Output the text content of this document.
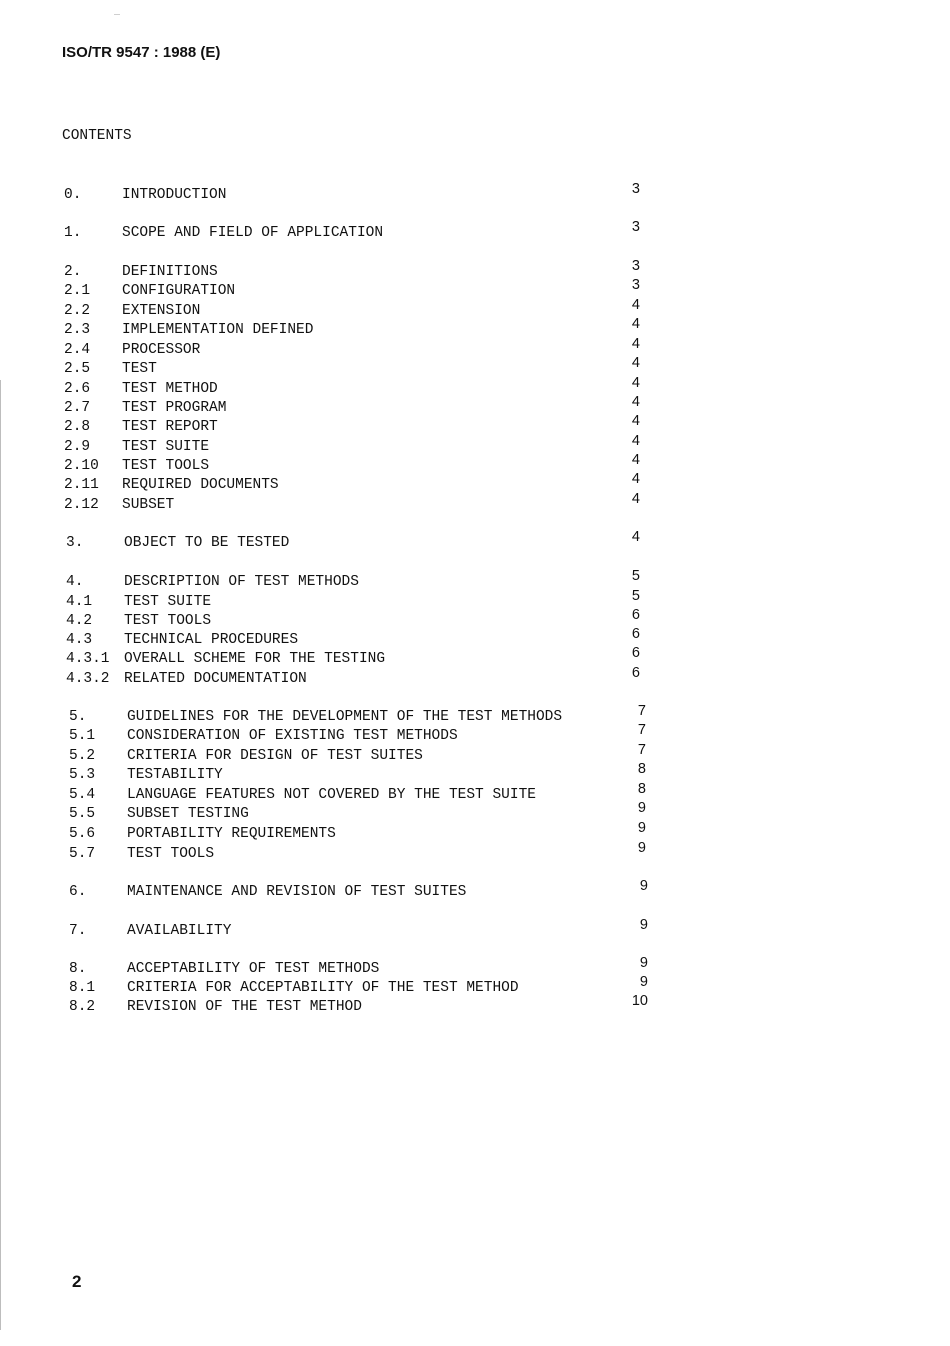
ISO/TR 9547 : 1988 (E)
CONTENTS
0.	INTRODUCTION	3
1.	SCOPE AND FIELD OF APPLICATION	3
2.	DEFINITIONS	3
2.1 CONFIGURATION	3
2.2 EXTENSION	4
2.3 IMPLEMENTATION DEFINED	4
2.4 PROCESSOR	4
2.5 TEST	4
2.6 TEST METHOD	4
2.7 TEST PROGRAM	4
2.8 TEST REPORT	4
2.9 TEST SUITE	4
2.10 TEST TOOLS	4
2.11 REQUIRED DOCUMENTS	4
2.12 SUBSET	4
3.	OBJECT TO BE TESTED	4
4.	DESCRIPTION OF TEST METHODS	5
4.1 TEST SUITE	5
4.2 TEST TOOLS	6
4.3 TECHNICAL PROCEDURES	6
4.3.1 OVERALL SCHEME FOR THE TESTING	6
4.3.2 RELATED DOCUMENTATION	6
5.	GUIDELINES FOR THE DEVELOPMENT OF THE TEST METHODS	7
5.1 CONSIDERATION OF EXISTING TEST METHODS	7
5.2 CRITERIA FOR DESIGN OF TEST SUITES	7
5.3 TESTABILITY	8
5.4 LANGUAGE FEATURES NOT COVERED BY THE TEST SUITE	8
5.5 SUBSET TESTING	9
5.6 PORTABILITY REQUIREMENTS	9
5.7 TEST TOOLS	9
6.	MAINTENANCE AND REVISION OF TEST SUITES	9
7.	AVAILABILITY	9
8.	ACCEPTABILITY OF TEST METHODS	9
8.1 CRITERIA FOR ACCEPTABILITY OF THE TEST METHOD	9
8.2 REVISION OF THE TEST METHOD	10
2
